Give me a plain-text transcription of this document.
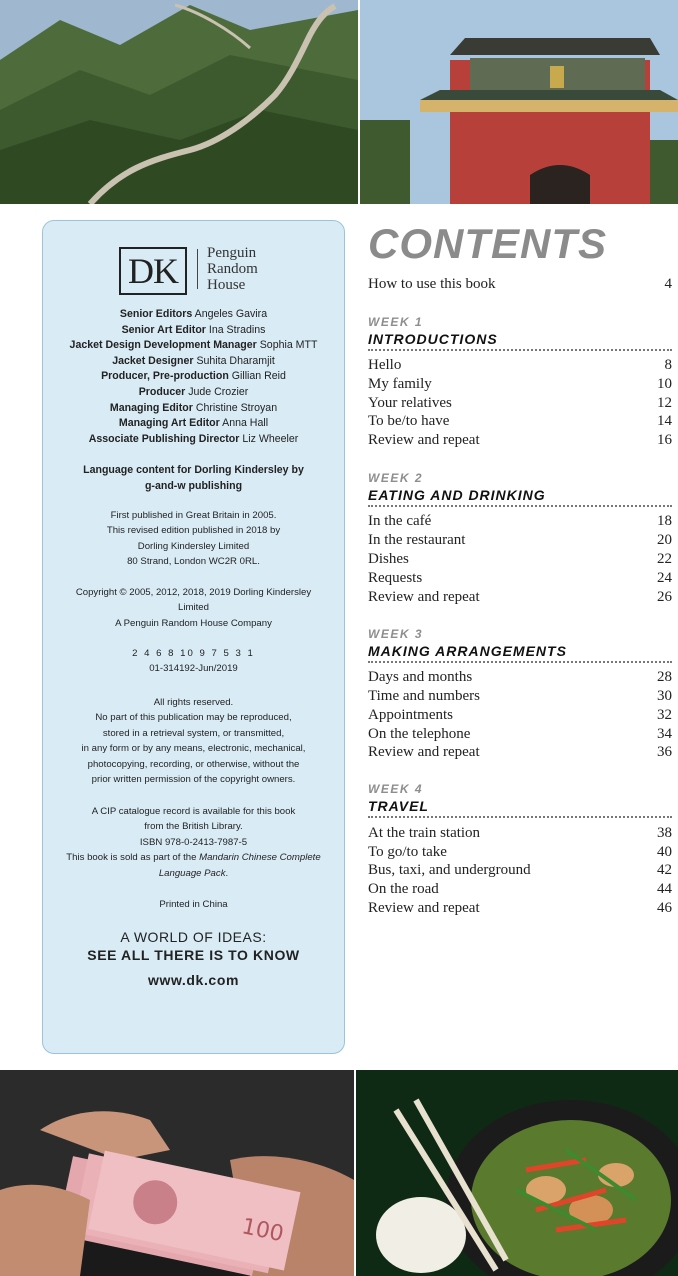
DK	Penguin
Random
House
Senior Editors Angeles Gavira
Senior Art Editor Ina Stradins
Jacket Design Development Manager Sophia MTT
Jacket Designer Suhita Dharamjit
Producer, Pre-production Gillian Reid
Producer Jude Crozier
Managing Editor Christine Stroyan
Managing Art Editor Anna Hall
Associate Publishing Director Liz Wheeler
Language content for Dorling Kindersley by
g-and-w publishing
First published in Great Britain in 2005.
This revised edition published in 2018 by
Dorling Kindersley Limited
80 Strand, London WC2R 0RL.
Copyright © 2005, 2012, 2018, 2019 Dorling Kindersley
Limited
A Penguin Random House Company
2 4 6 8 10 9 7 5 3 1
01-314192-Jun/2019
All rights reserved.
No part of this publication may be reproduced,
stored in a retrieval system, or transmitted,
in any form or by any means, electronic, mechanical,
photocopying, recording, or otherwise, without the
prior written permission of the copyright owners.
A CIP catalogue record is available for this book
from the British Library.
ISBN 978-0-2413-7987-5
This book is sold as part of the Mandarin Chinese Complete
Language Pack.
Printed in China
A WORLD OF IDEAS:
SEE ALL THERE IS TO KNOW
www.dk.com
CONTENTS
How to use this book	4
WEEK 1
INTRODUCTIONS
Hello	8
My family	10
Your relatives	12
To be/to have	14
Review and repeat	16
WEEK 2
EATING AND DRINKING
In the café	18
In the restaurant	20
Dishes	22
Requests	24
Review and repeat	26
WEEK 3
MAKING ARRANGEMENTS
Days and months	28
Time and numbers	30
Appointments	32
On the telephone	34
Review and repeat	36
WEEK 4
TRAVEL
At the train station	38
To go/to take	40
Bus, taxi, and underground	42
On the road	44
Review and repeat	46
100
